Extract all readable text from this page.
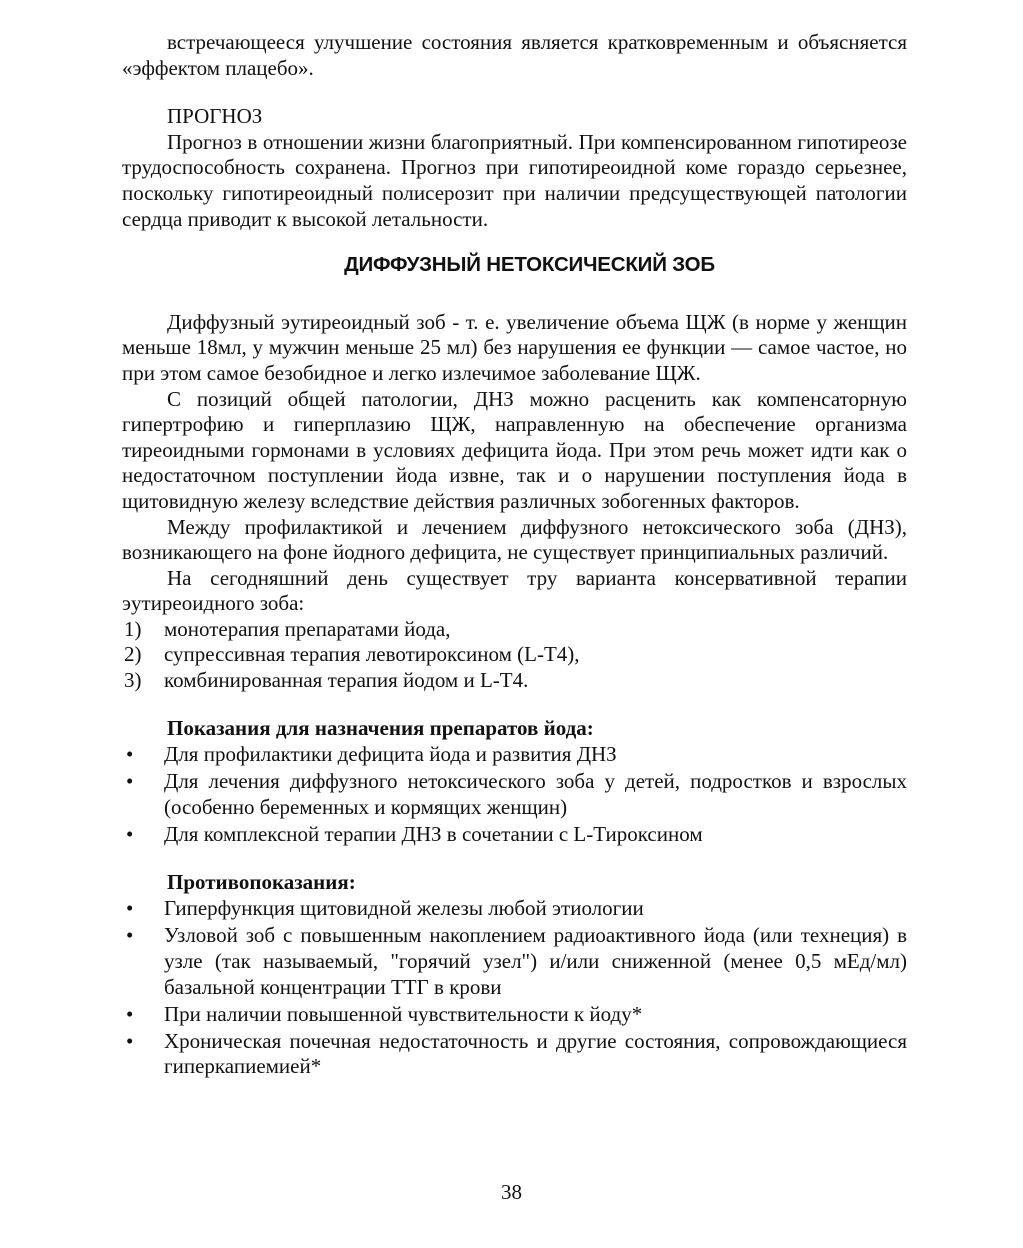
встречающееся улучшение состояния является кратковременным и объясняется «эффектом плацебо».

ПРОГНОЗ

Прогноз в отношении жизни благоприятный. При компенсированном гипотиреозе трудоспособность сохранена. Прогноз при гипотиреоидной коме гораздо серьезнее, поскольку гипотиреоидный полисерозит при наличии предсуществующей патологии сердца приводит к высокой летальности.

ДИФФУЗНЫЙ НЕТОКСИЧЕСКИЙ ЗОБ

Диффузный эутиреоидный зоб - т. е. увеличение объема ЩЖ (в норме у женщин меньше 18мл, у мужчин меньше 25 мл) без нарушения ее функции — самое частое, но при этом самое безобидное и легко излечимое заболевание ЩЖ.

С позиций общей патологии, ДНЗ можно расценить как компенсаторную гипертрофию и гиперплазию ЩЖ, направленную на обеспечение организма тиреоидными гормонами в условиях дефицита йода. При этом речь может идти как о недостаточном поступлении йода извне, так и о нарушении поступления йода в щитовидную железу вследствие действия различных зобогенных факторов.

Между профилактикой и лечением диффузного нетоксического зоба (ДНЗ), возникающего на фоне йодного дефицита, не существует принципиальных различий.

На сегодняшний день существует тру варианта консервативной терапии эутиреоидного зоба:

1) монотерапия препаратами йода,
2) супрессивная терапия левотироксином (L-T4),
3) комбинированная терапия йодом и L-T4.

Показания для назначения препаратов йода:

• Для профилактики дефицита йода и развития ДНЗ
• Для лечения диффузного нетоксического зоба у детей, подростков и взрослых (особенно беременных и кормящих женщин)
• Для комплексной терапии ДНЗ в сочетании с L-Тироксином

Противопоказания:

• Гиперфункция щитовидной железы любой этиологии
• Узловой зоб с повышенным накоплением радиоактивного йода (или технеция) в узле (так называемый, "горячий узел") и/или сниженной (менее 0,5 мЕд/мл) базальной концентрации ТТГ в крови
• При наличии повышенной чувствительности к йоду*
• Хроническая почечная недостаточность и другие состояния, сопровождающиеся гиперкапиемией*
38
